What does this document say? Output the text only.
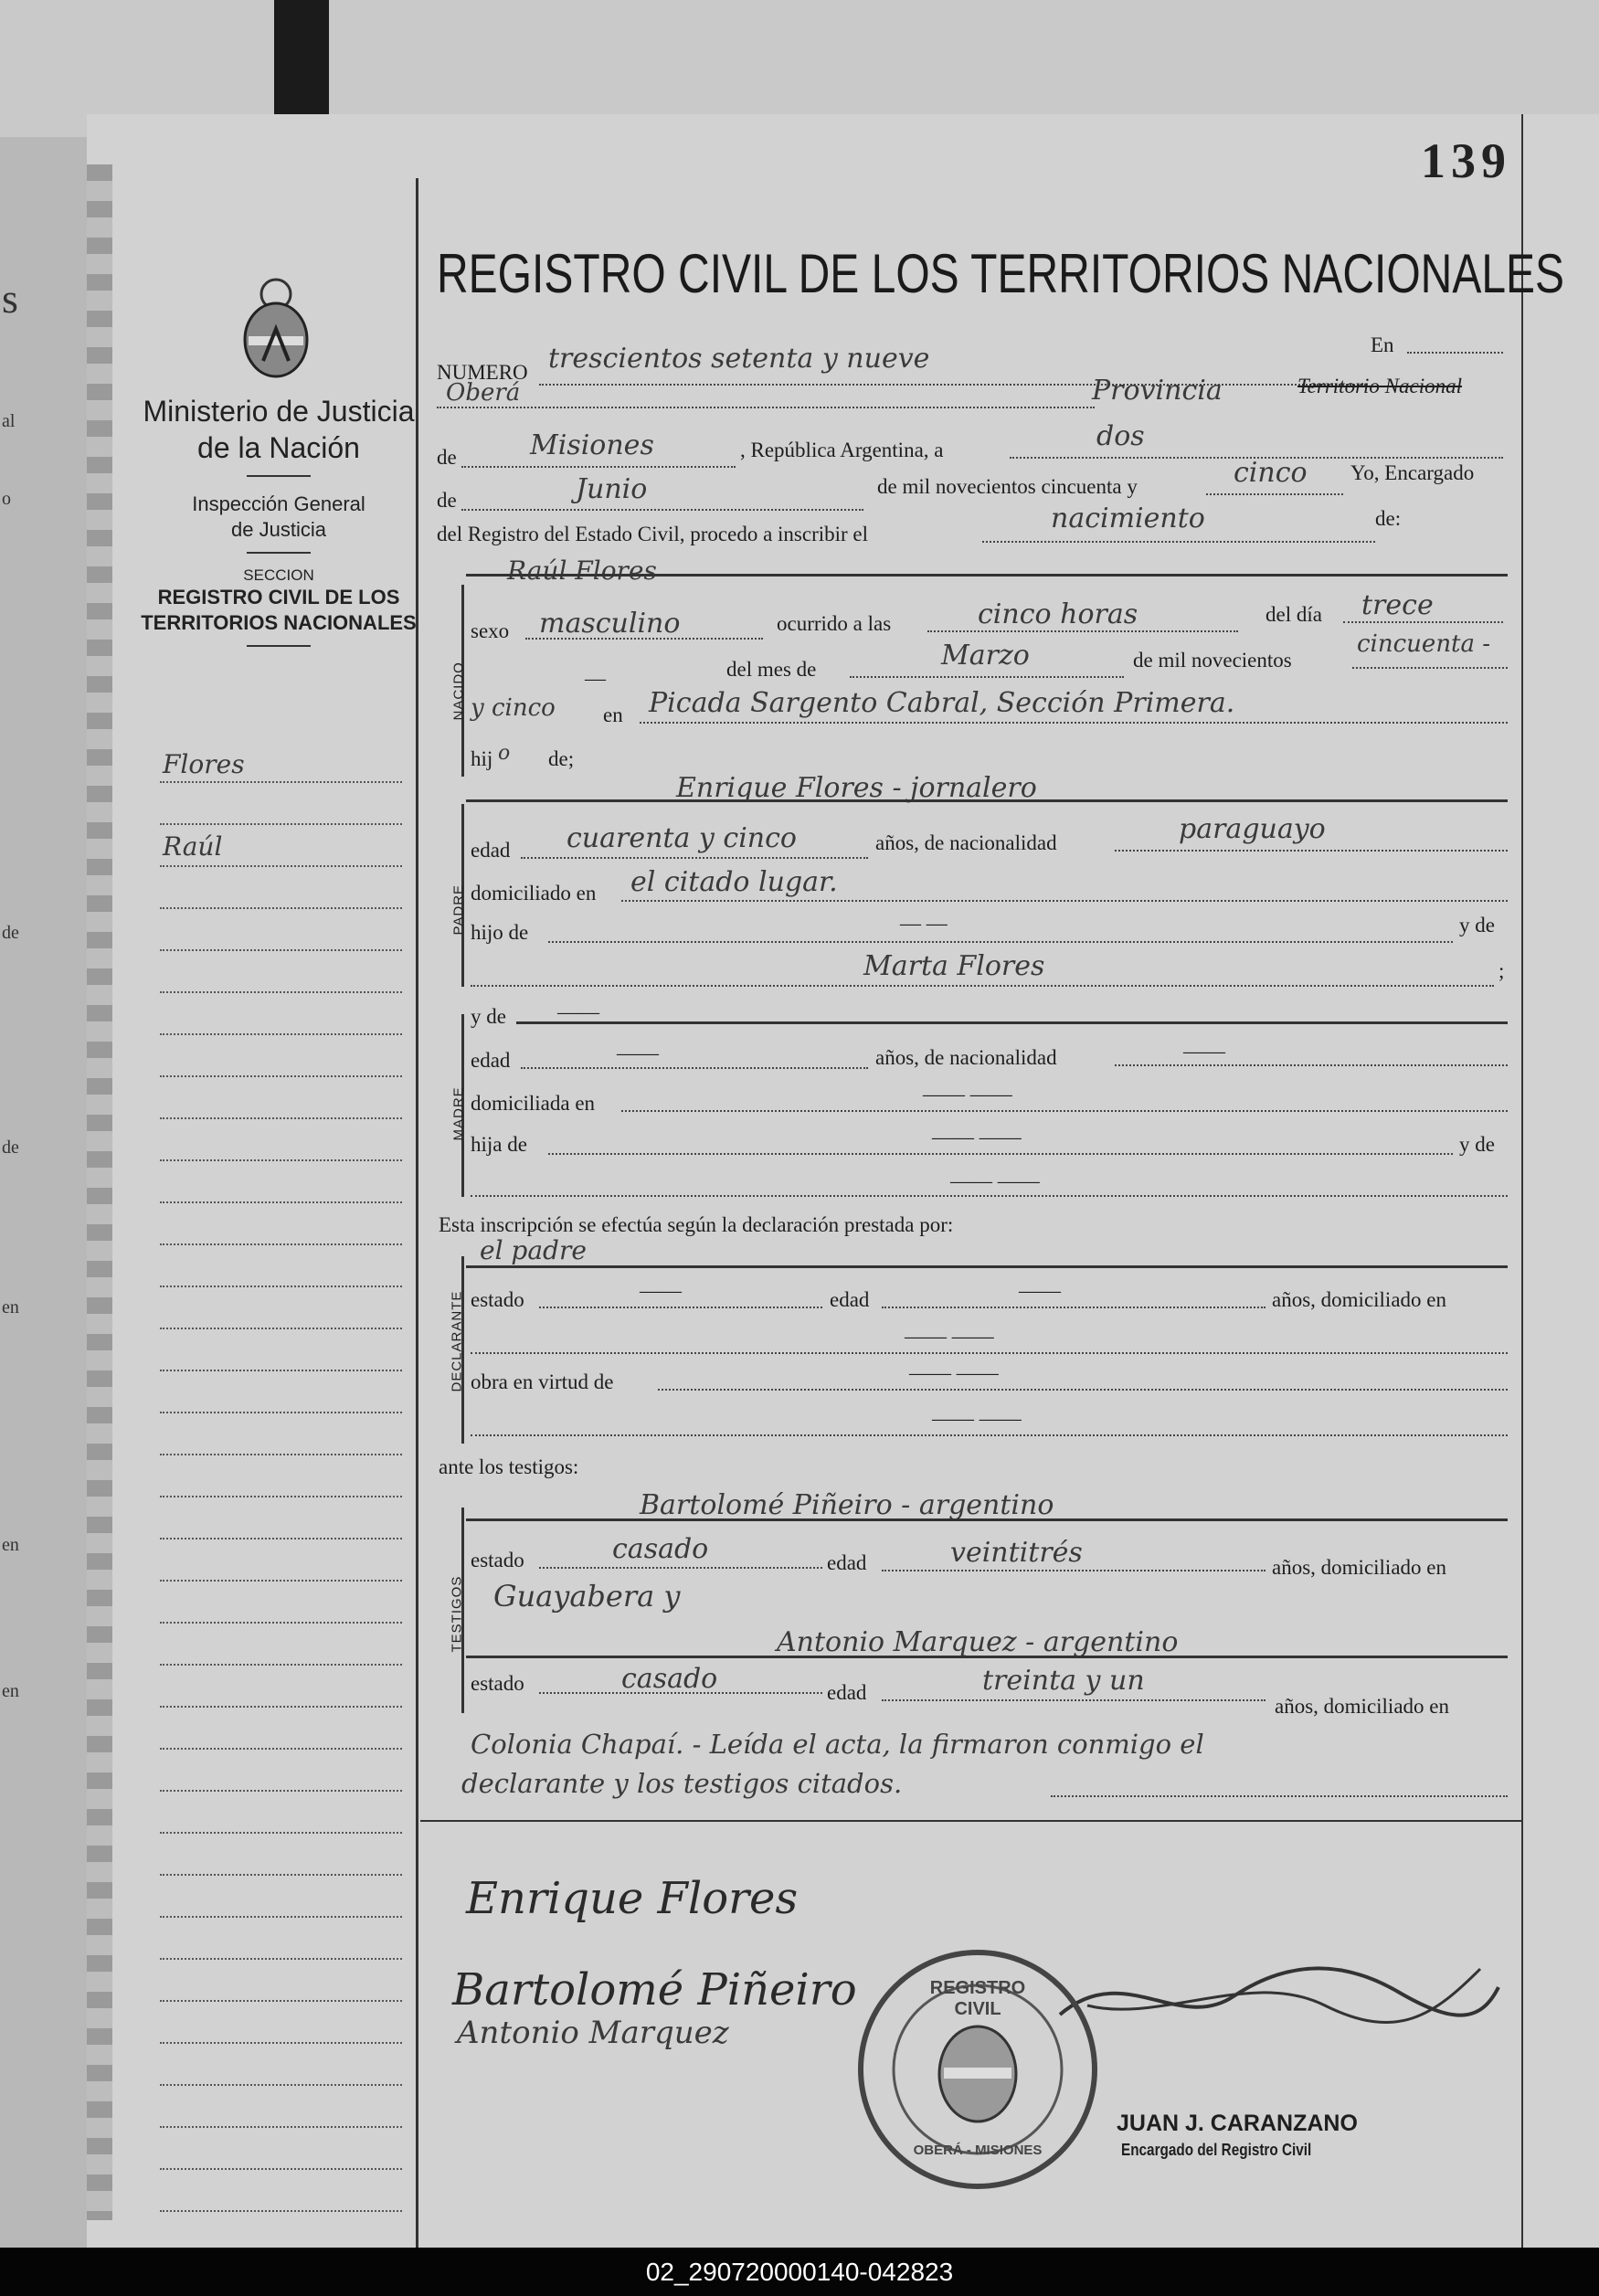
s
al
o
de
de
en
en
en
139
Ministerio de Justicia
de la Nación
Inspección General
de Justicia
SECCION
REGISTRO CIVIL DE LOS
TERRITORIOS NACIONALES
Flores
Raúl
REGISTRO CIVIL DE LOS TERRITORIOS NACIONALES
NUMERO trescientos setenta y nueve	En
Oberá	Provincia	Territorio Nacional
de	Misiones	, República Argentina, a	dos
de	Junio	de mil novecientos cincuenta y	cinco Yo, Encargado
del Registro del Estado Civil, procedo a inscribir el	nacimiento	de:
NACIDO
Raúl Flores
sexo masculino	ocurrido a las	cinco horas	del día trece
—	del mes de	Marzo	de mil novecientos
cincuenta -
y cinco en Picada Sargento Cabral, Sección Primera.
hij o de;
PADRE
Enrique Flores - jornalero
edad cuarenta y cinco	años, de nacionalidad	paraguayo
domiciliado en el citado lugar.
hijo de	— —	y de
Marta Flores	;
MADRE
y de ——
edad	——	años, de nacionalidad	——
domiciliada en	—— ——
hija de	—— ——	y de
—— ——
Esta inscripción se efectúa según la declaración prestada por:
DECLARANTE
el padre
estado	——	edad	——	años, domiciliado en
—— ——
obra en virtud de	—— ——
—— ——
ante los testigos:
TESTIGOS
Bartolomé Piñeiro - argentino
estado	casado	edad	veintitrés	años, domiciliado en
Guayabera y
Antonio Marquez - argentino
estado	casado	edad	treinta y un
años, domiciliado en
Colonia Chapaí. - Leída el acta, la firmaron conmigo el
declarante y los testigos citados.
Enrique Flores
Bartolomé Piñeiro
Antonio Marquez
REGISTRO CIVIL
OBERÁ - MISIONES
JUAN J. CARANZANO
Encargado del Registro Civil
02_290720000140-042823
